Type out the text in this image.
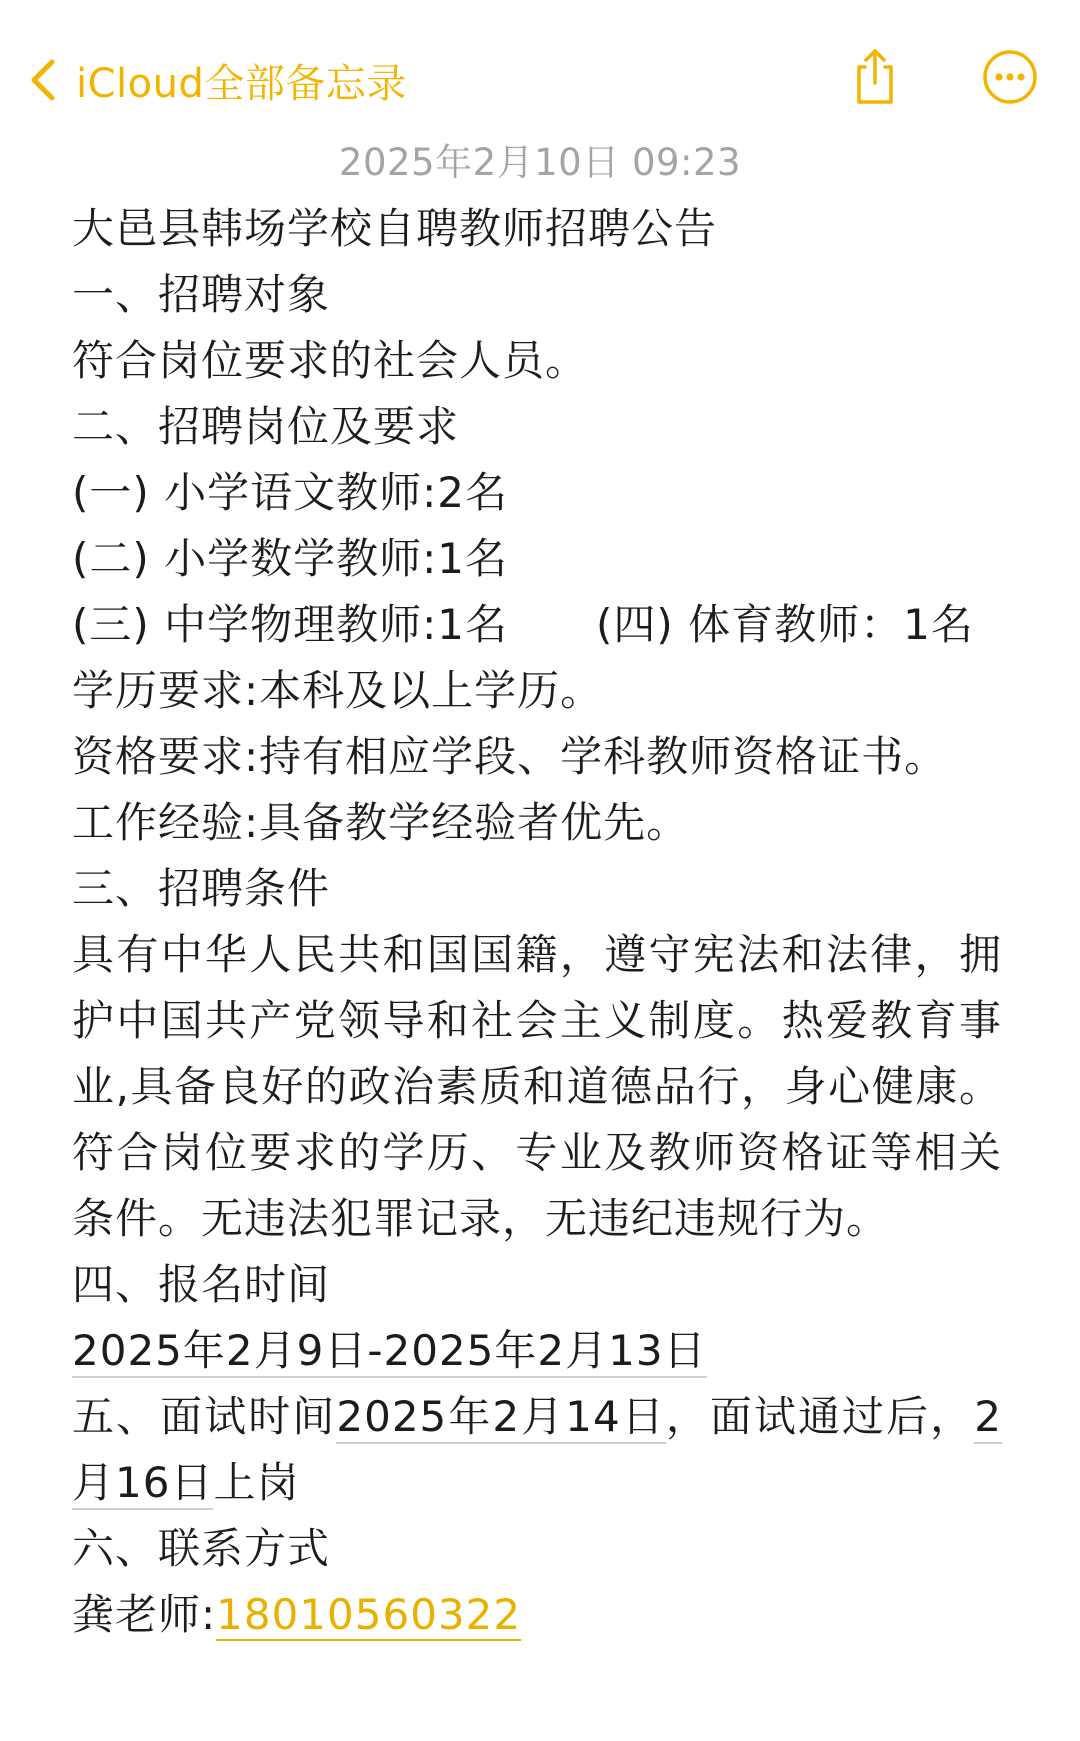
iCloud全部备忘录
2025年2月10日 09:23
大邑县韩场学校自聘教师招聘公告
一、招聘对象
符合岗位要求的社会人员。
二、招聘岗位及要求
(一) 小学语文教师:2名
(二) 小学数学教师:1名
(三) 中学物理教师:1名 (四) 体育教师：1名
学历要求:本科及以上学历。
资格要求:持有相应学段、学科教师资格证书。
工作经验:具备教学经验者优先。
三、招聘条件
具有中华人民共和国国籍，遵守宪法和法律，拥护中国共产党领导和社会主义制度。热爱教育事业,具备良好的政治素质和道德品行，身心健康。符合岗位要求的学历、专业及教师资格证等相关条件。无违法犯罪记录，无违纪违规行为。
四、报名时间
2025年2月9日-2025年2月13日
五、面试时间2025年2月14日，面试通过后，2月16日上岗
六、联系方式
龚老师:18010560322
